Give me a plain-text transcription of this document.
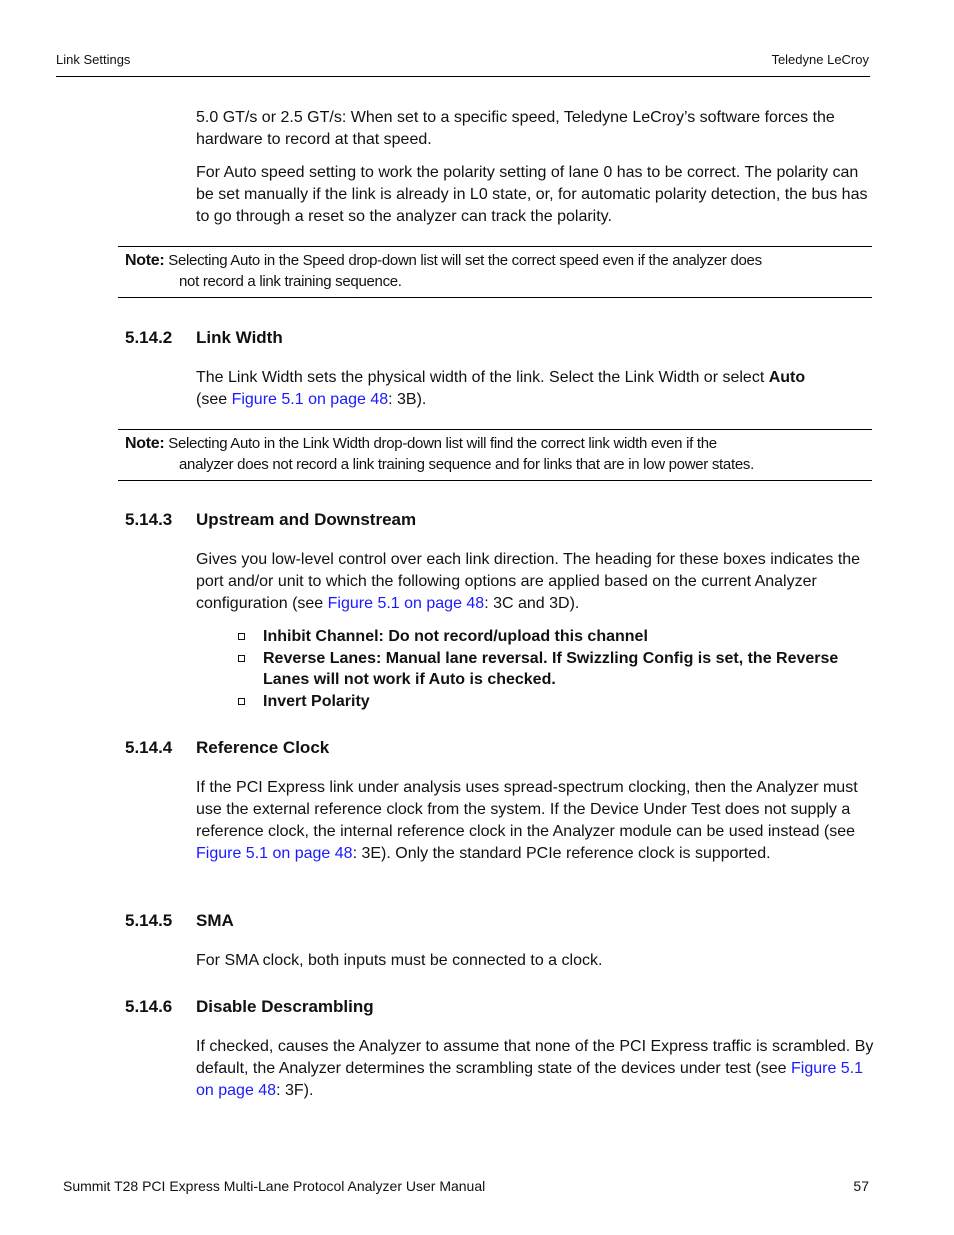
Link Settings	Teledyne LeCroy
5.0 GT/s or 2.5 GT/s: When set to a specific speed, Teledyne LeCroy’s software forces the hardware to record at that speed.
For Auto speed setting to work the polarity setting of lane 0 has to be correct. The polarity can be set manually if the link is already in L0 state, or, for automatic polarity detection, the bus has to go through a reset so the analyzer can track the polarity.
Note: Selecting Auto in the Speed drop-down list will set the correct speed even if the analyzer does
not record a link training sequence.
5.14.2 Link Width
The Link Width sets the physical width of the link. Select the Link Width or select Auto
(see Figure 5.1 on page 48: 3B).
Note: Selecting Auto in the Link Width drop-down list will find the correct link width even if the
analyzer does not record a link training sequence and for links that are in low power states.
5.14.3 Upstream and Downstream
Gives you low-level control over each link direction. The heading for these boxes indicates the port and/or unit to which the following options are applied based on the current Analyzer configuration (see Figure 5.1 on page 48: 3C and 3D).
Inhibit Channel: Do not record/upload this channel
Reverse Lanes: Manual lane reversal. If Swizzling Config is set, the Reverse Lanes will not work if Auto is checked.
Invert Polarity
5.14.4 Reference Clock
If the PCI Express link under analysis uses spread-spectrum clocking, then the Analyzer must use the external reference clock from the system. If the Device Under Test does not supply a reference clock, the internal reference clock in the Analyzer module can be used instead (see Figure 5.1 on page 48: 3E). Only the standard PCIe reference clock is supported.
5.14.5 SMA
For SMA clock, both inputs must be connected to a clock.
5.14.6 Disable Descrambling
If checked, causes the Analyzer to assume that none of the PCI Express traffic is scrambled. By default, the Analyzer determines the scrambling state of the devices under test (see Figure 5.1 on page 48: 3F).
Summit T28 PCI Express Multi-Lane Protocol Analyzer User Manual	57
